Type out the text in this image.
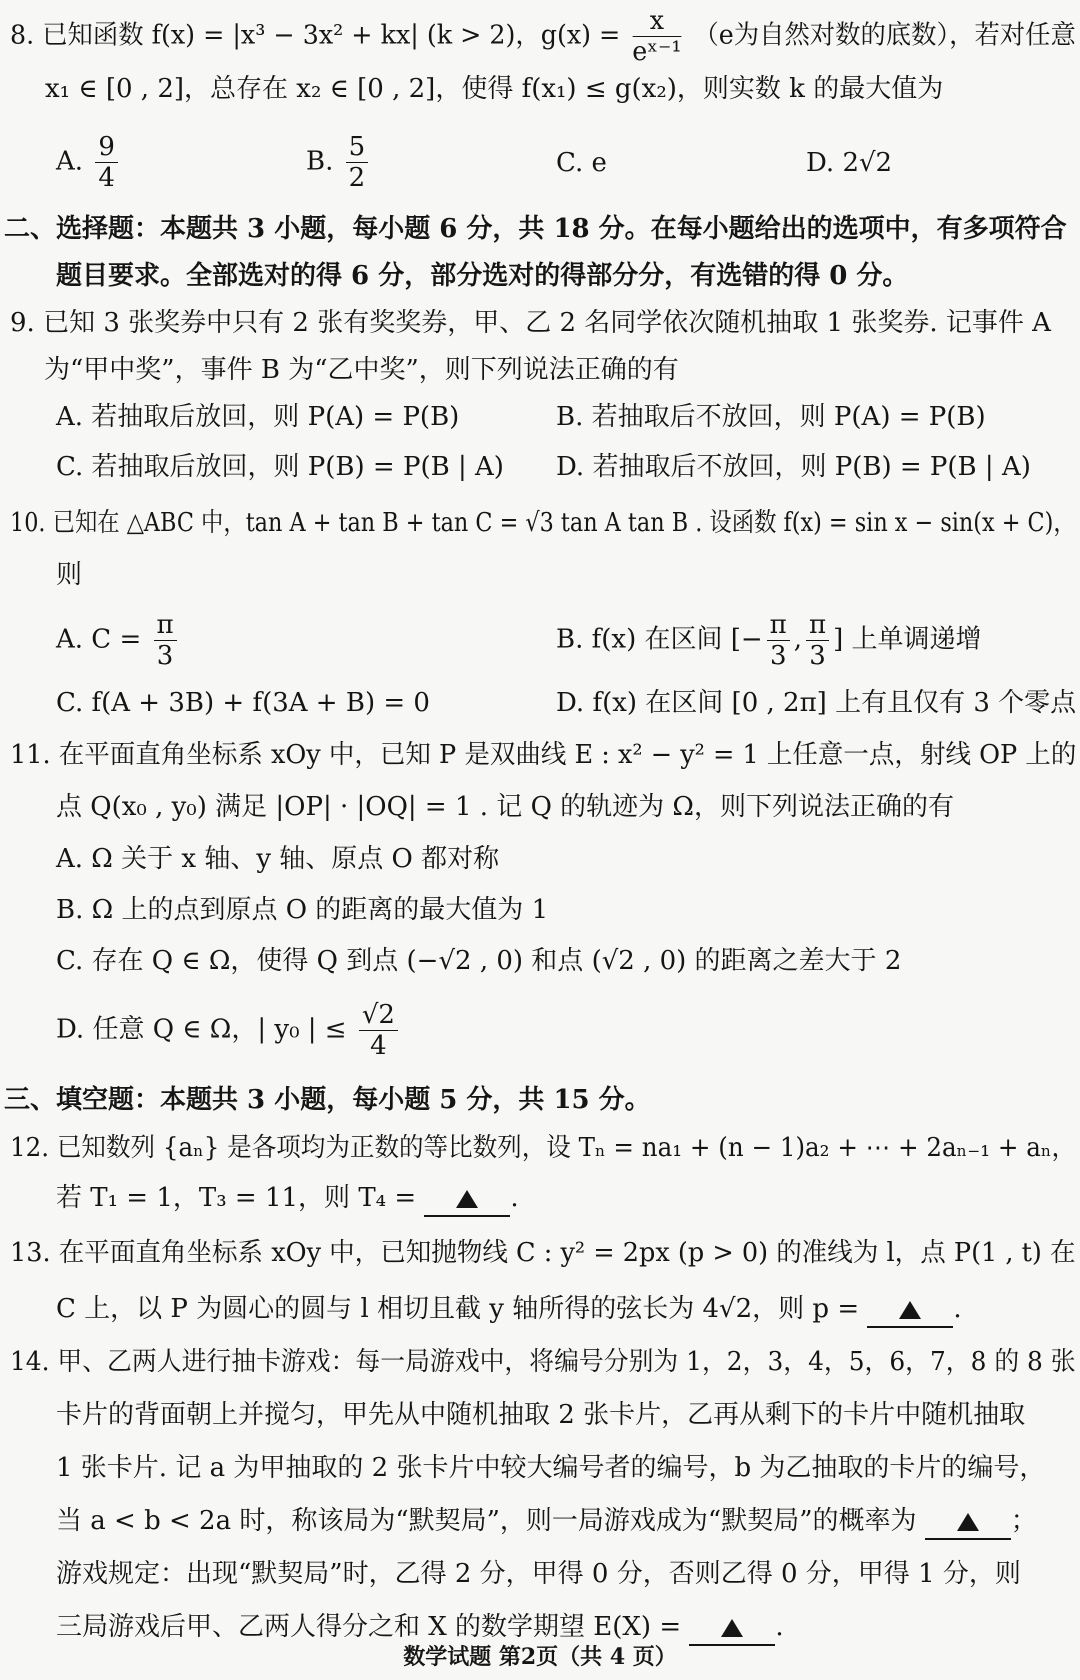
8. 已知函数 f(x) = |x³ − 3x² + kx| (k > 2)，$g(x) = \frac{x}{\text{eˣ⁻¹}} (e$为自然对数的底数），若对任意
x₁ ∈ [0 , 2]，总存在 x₂ ∈ [0 , 2]，使得 f(x₁) ≤ g(x₂)，则实数 k 的最大值为
A. $\frac{9}{4}$	B. $\frac{5}{2}$	C. e	D. 2√2
二、选择题：本题共 3 小题，每小题 6 分，共 18 分。在每小题给出的选项中，有多项符合
题目要求。全部选对的得 6 分，部分选对的得部分分，有选错的得 0 分。
9. 已知 3 张奖券中只有 2 张有奖奖券，甲、乙 2 名同学依次随机抽取 1 张奖券. 记事件 A
为“甲中奖”，事件 B 为“乙中奖”，则下列说法正确的有
A. 若抽取后放回，则 P(A) = P(B)	B. 若抽取后不放回，则 P(A) = P(B)
C. 若抽取后放回，则 P(B) = P(B | A) D. 若抽取后不放回，则 P(B) = P(B | A)
10. 已知在 △ABC 中，tan A + tan B + tan C = √3 tan A tan B . 设函数 f(x) = sin x − sin(x + C)，
则
A. $C = \frac{\pi}{3}$	B. f(x) 在区间 [− $\frac{\pi}{3}$ , $\frac{\pi}{3}$ ] 上单调递增
C. f(A + 3B) + f(3A + B) = 0	D. f(x) 在区间 [0 , 2π] 上有且仅有 3 个零点
11. 在平面直角坐标系 xOy 中，已知 P 是双曲线 E : x² − y² = 1 上任意一点，射线 OP 上的
点 Q(x₀ , y₀) 满足 |OP| · |OQ| = 1 . 记 Q 的轨迹为 Ω，则下列说法正确的有
A. Ω 关于 x 轴、y 轴、原点 O 都对称
B. Ω 上的点到原点 O 的距离的最大值为 1
C. 存在 Q ∈ Ω，使得 Q 到点 (−√2 , 0) 和点 (√2 , 0) 的距离之差大于 2
D. 任意 Q ∈ Ω，| y₀ | ≤ $\frac{√2}{4}$
三、填空题：本题共 3 小题，每小题 5 分，共 15 分。
12. 已知数列 {aₙ} 是各项均为正数的等比数列，设 Tₙ = na₁ + (n − 1)a₂ + ⋯ + 2aₙ₋₁ + aₙ，
若 T₁ = 1，T₃ = 11，则 T₄ =	.
13. 在平面直角坐标系 xOy 中，已知抛物线 C : y² = 2px (p > 0) 的准线为 l，点 P(1 , t) 在
C 上，以 P 为圆心的圆与 l 相切且截 y 轴所得的弦长为 4√2，则 p =	.
14. 甲、乙两人进行抽卡游戏：每一局游戏中，将编号分别为 1，2，3，4，5，6，7，8 的 8 张
卡片的背面朝上并搅匀，甲先从中随机抽取 2 张卡片，乙再从剩下的卡片中随机抽取
1 张卡片. 记 a 为甲抽取的 2 张卡片中较大编号者的编号，b 为乙抽取的卡片的编号，
当 a < b < 2a 时，称该局为“默契局”，则一局游戏成为“默契局”的概率为	；
游戏规定：出现“默契局”时，乙得 2 分，甲得 0 分，否则乙得 0 分，甲得 1 分，则
三局游戏后甲、乙两人得分之和 X 的数学期望 E(X) =	.
数学试题 第2页（共 4 页）
